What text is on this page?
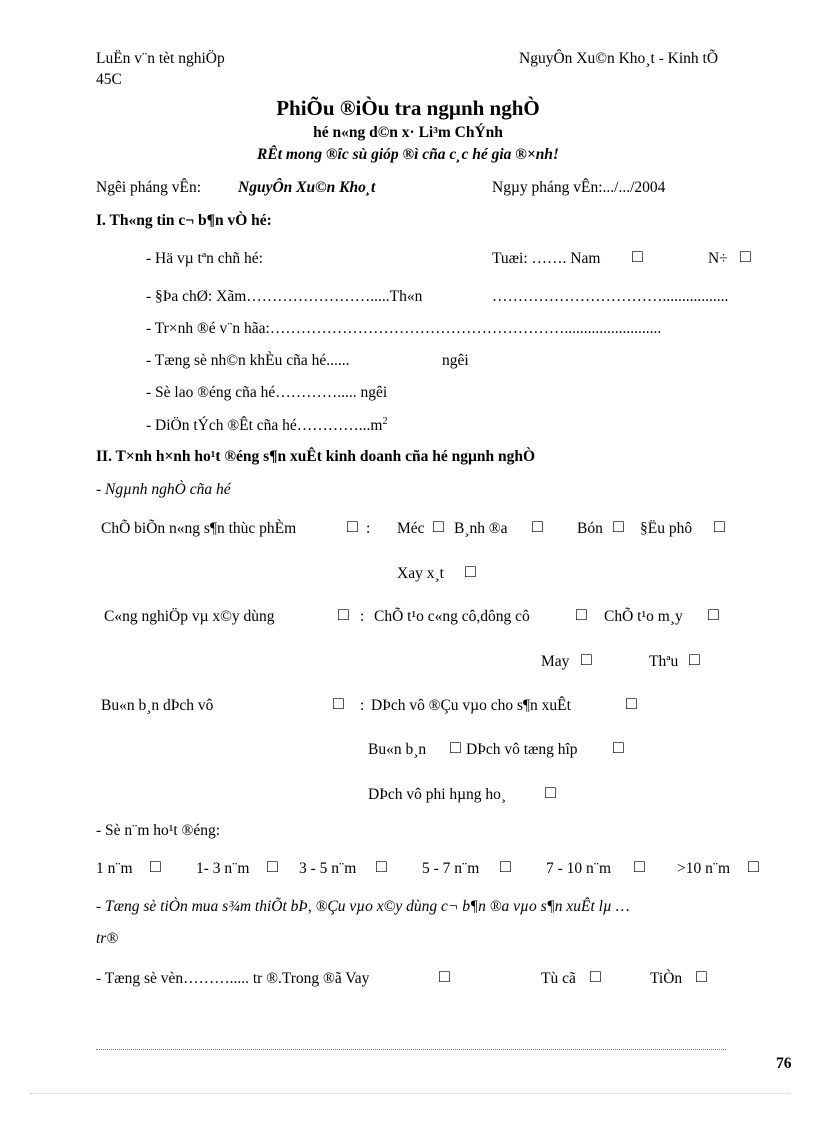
LuËn v¨n tèt nghiÖp
45C
NguyÔn Xu©n Kho¸t - Kinh tÕ
PhiÕu ®iÒu tra ngµnh nghÒ
hé n«ng d©n x· Li³m ChÝnh
RÊt mong ®îc sù gióp ®ì cña c¸c hé gia ®×nh!
Ngêi pháng vÊn: NguyÔn Xu©n Kho¸t	Ngµy pháng vÊn:.../.../2004
I. Th«ng tin c¬ b¶n vÒ hé:
- Hä vµ tªn chñ hé:	Tuæi: ……. Nam □	N÷ □
- §Þa chØ: Xãm…………………….....Th«n	…………………………….................
- Tr×nh ®é v¨n hãa:………………………………………………….........................
- Tæng sè nh©n khÈu cña hé......	ngêi
- Sè lao ®éng cña hé…………..... ngêi
- DiÖn tÝch ®Êt cña $hé\dots\dots\dots\dots...m^2$
II. T×nh h×nh ho¹t ®éng s¶n xuÊt kinh doanh cña hé ngµnh nghÒ
- Ngµnh nghÒ cña hé
ChÕ biÕn n«ng s¶n thùc phÈm	□ : Méc □ B¸nh ®a □ Bón □ §Ëu phô □
Xay x¸t □
C«ng nghiÖp vµ x©y dùng	□ : ChÕ t¹o c«ng cô,dông cô	□ ChÕ t¹o m¸y □
May □	Thªu □
Bu«n b¸n dÞch vô	□ : DÞch vô ®Çu vµo cho s¶n xuÊt	□
Bu«n b¸n □ DÞch vô tæng hîp □
DÞch vô phi hµng ho¸ □
- Sè n¨m ho¹t ®éng:
1 n¨m □ 1- 3 n¨m □ 3 - 5 n¨m □ 5 - 7 n¨m □ 7 - 10 n¨m □ >10 n¨m □
- Tæng sè tiÒn mua s¾m thiÕt bÞ, ®Çu vµo x©y dùng c¬ b¶n ®a vµo s¶n xuÊt lµ …
tr®
- Tæng sè vèn………..... tr ®.Trong ®ã Vay	□	Tù cã □	TiÒn □
76
